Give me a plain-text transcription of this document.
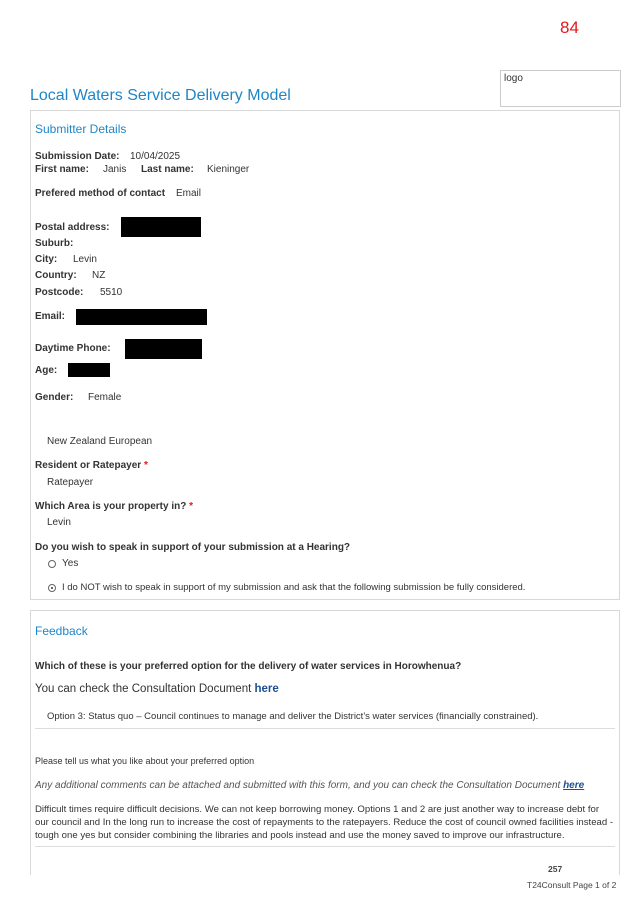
84
logo
Local Waters Service Delivery Model
Submitter Details
Submission Date: 10/04/2025
First name: Janis Last name: Kieninger
Prefered method of contact Email
Postal address:
Suburb:
City: Levin
Country: NZ
Postcode: 5510
Email:
Daytime Phone:
Age:
Gender: Female
New Zealand European
Resident or Ratepayer *
Ratepayer
Which Area is your property in? *
Levin
Do you wish to speak in support of your submission at a Hearing?
Yes
I do NOT wish to speak in support of my submission and ask that the following submission be fully considered.
Feedback
Which of these is your preferred option for the delivery of water services in Horowhenua?
You can check the Consultation Document here
Option 3: Status quo – Council continues to manage and deliver the District's water services (financially constrained).
Please tell us what you like about your preferred option
Any additional comments can be attached and submitted with this form, and you can check the Consultation Document here
Difficult times require difficult decisions. We can not keep borrowing money. Options 1 and 2 are just another way to increase debt for our council and In the long run to increase the cost of repayments to the ratepayers. Reduce the cost of council owned facilities instead - tough one yes but consider combining the libraries and pools instead and use the money saved to improve our infrastructure.
257
T24Consult Page 1 of 2
